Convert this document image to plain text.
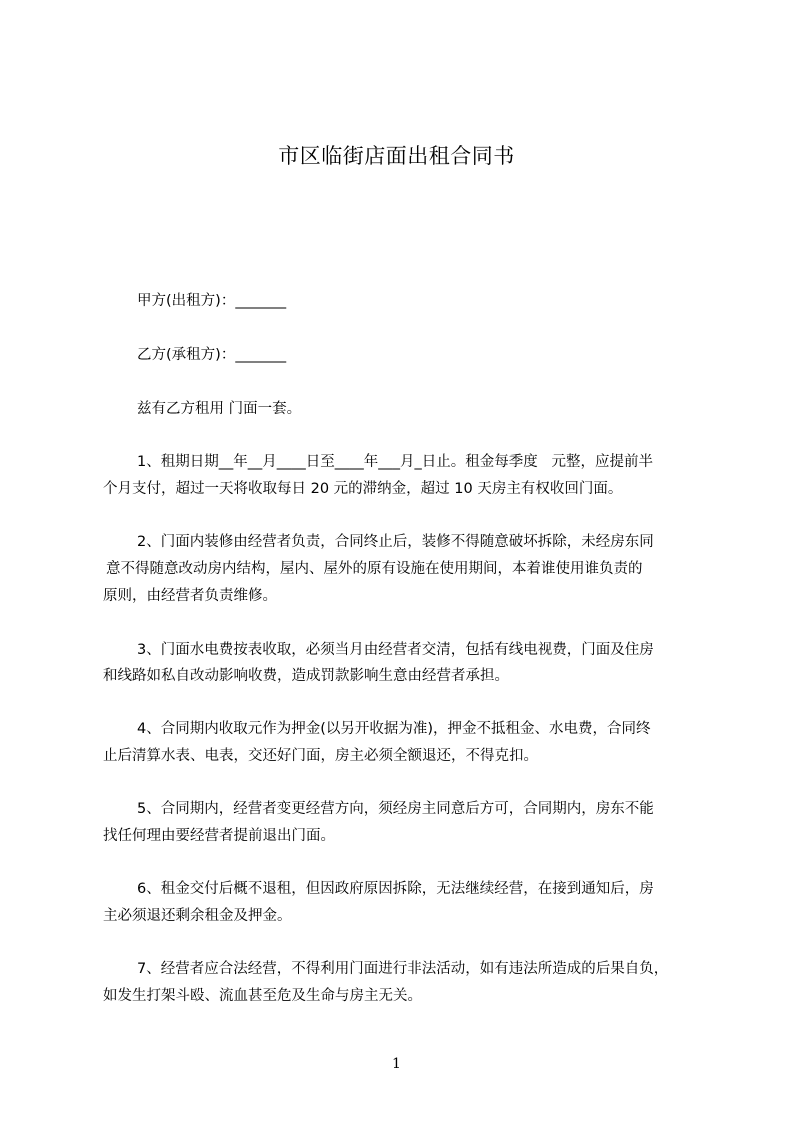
市区临街店面出租合同书
甲方(出租方)：_______
乙方(承租方)：_______
兹有乙方租用 门面一套。
1、租期日期__年__月____日至____年___月_日止。租金每季度   元整，应提前半
个月支付，超过一天将收取每日 20 元的滞纳金，超过 10 天房主有权收回门面。
2、门面内装修由经营者负责，合同终止后，装修不得随意破坏拆除，未经房东同
意不得随意改动房内结构，屋内、屋外的原有设施在使用期间，本着谁使用谁负责的
原则，由经营者负责维修。
3、门面水电费按表收取，必须当月由经营者交清，包括有线电视费，门面及住房
和线路如私自改动影响收费，造成罚款影响生意由经营者承担。
4、合同期内收取元作为押金(以另开收据为准)，押金不抵租金、水电费，合同终
止后清算水表、电表，交还好门面，房主必须全额退还，不得克扣。
5、合同期内，经营者变更经营方向，须经房主同意后方可，合同期内，房东不能
找任何理由要经营者提前退出门面。
6、租金交付后概不退租，但因政府原因拆除，无法继续经营，在接到通知后，房
主必须退还剩余租金及押金。
7、经营者应合法经营，不得利用门面进行非法活动，如有违法所造成的后果自负，
如发生打架斗殴、流血甚至危及生命与房主无关。
1
